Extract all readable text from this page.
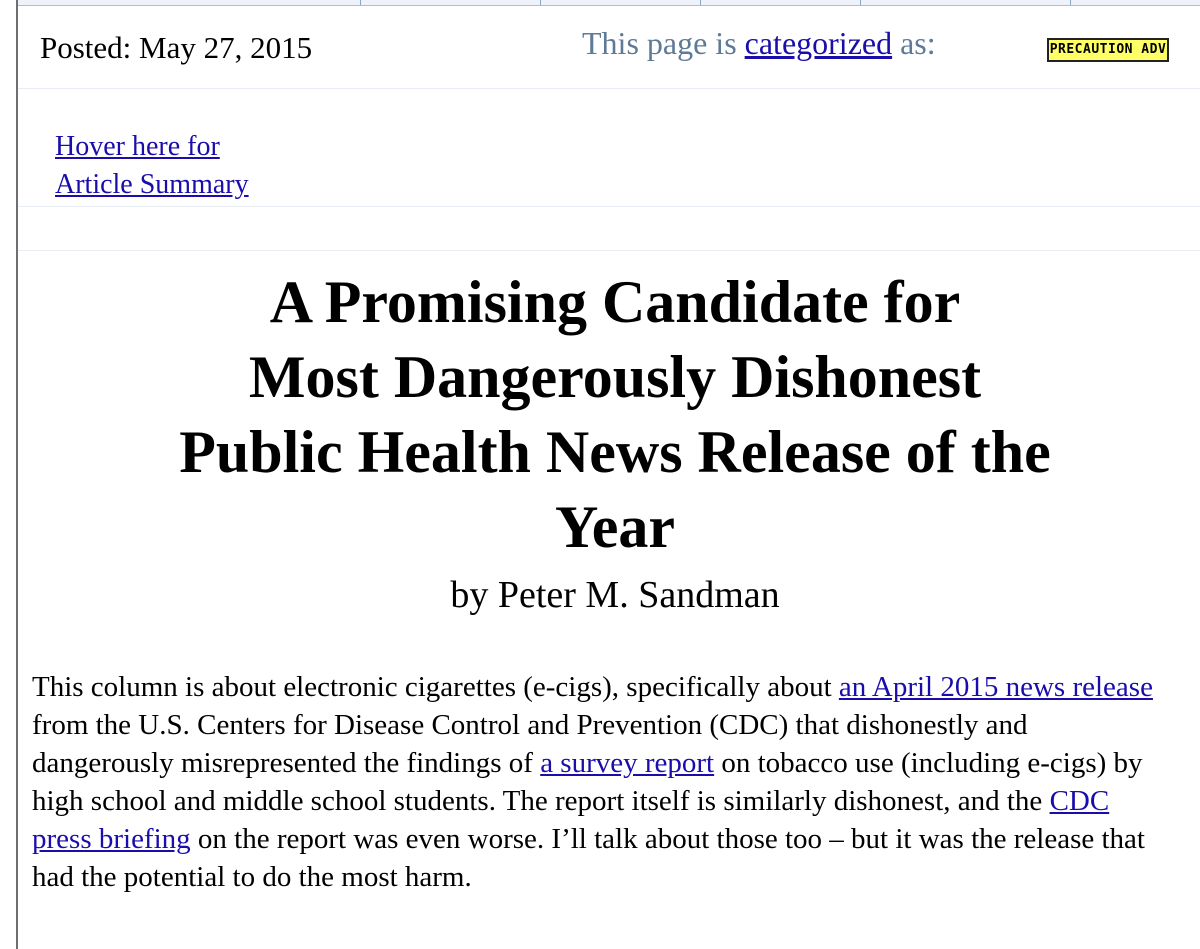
Posted: May 27, 2015	This page is categorized as:	PRECAUTION ADV
Hover here for
Article Summary
A Promising Candidate for
Most Dangerously Dishonest
Public Health News Release of the
Year
by Peter M. Sandman

This column is about electronic cigarettes (e-cigs), specifically about an April 2015 news release from the U.S. Centers for Disease Control and Prevention (CDC) that dishonestly and dangerously misrepresented the findings of a survey report on tobacco use (including e-cigs) by high school and middle school students. The report itself is similarly dishonest, and the CDC press briefing on the report was even worse. I’ll talk about those too – but it was the release that had the potential to do the most harm.
